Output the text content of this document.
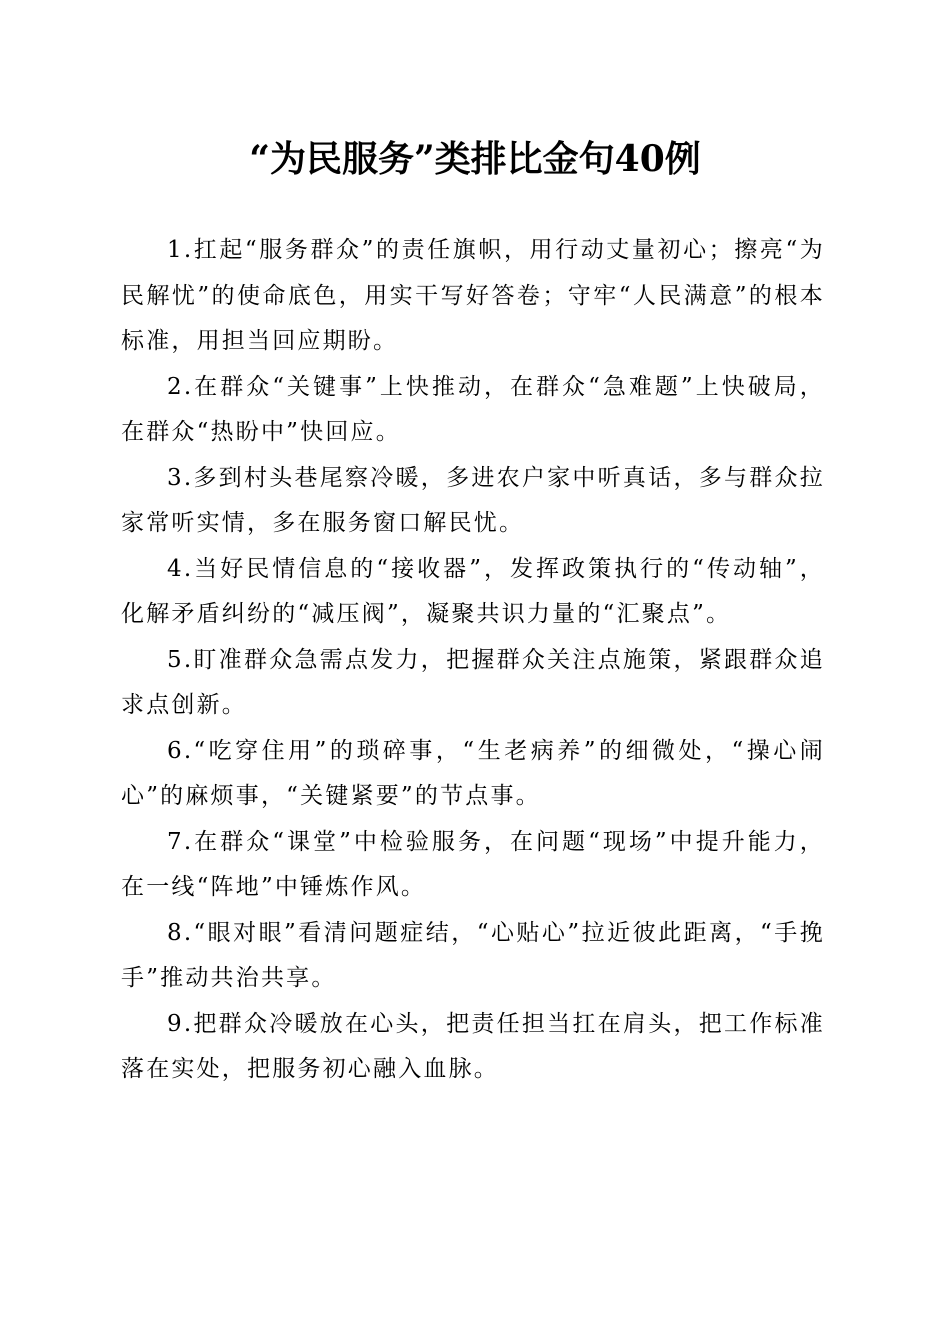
“为民服务”类排比金句40例

1.扛起“服务群众”的责任旗帜，用行动丈量初心；擦亮“为民解忧”的使命底色，用实干写好答卷；守牢“人民满意”的根本标准，用担当回应期盼。

2.在群众“关键事”上快推动，在群众“急难题”上快破局，在群众“热盼中”快回应。

3.多到村头巷尾察冷暖，多进农户家中听真话，多与群众拉家常听实情，多在服务窗口解民忧。

4.当好民情信息的“接收器”，发挥政策执行的“传动轴”，化解矛盾纠纷的“减压阀”，凝聚共识力量的“汇聚点”。

5.盯准群众急需点发力，把握群众关注点施策，紧跟群众追求点创新。

6.“吃穿住用”的琐碎事，“生老病养”的细微处，“操心闹心”的麻烦事，“关键紧要”的节点事。

7.在群众“课堂”中检验服务，在问题“现场”中提升能力，在一线“阵地”中锤炼作风。

8.“眼对眼”看清问题症结，“心贴心”拉近彼此距离，“手挽手”推动共治共享。

9.把群众冷暖放在心头，把责任担当扛在肩头，把工作标准落在实处，把服务初心融入血脉。
